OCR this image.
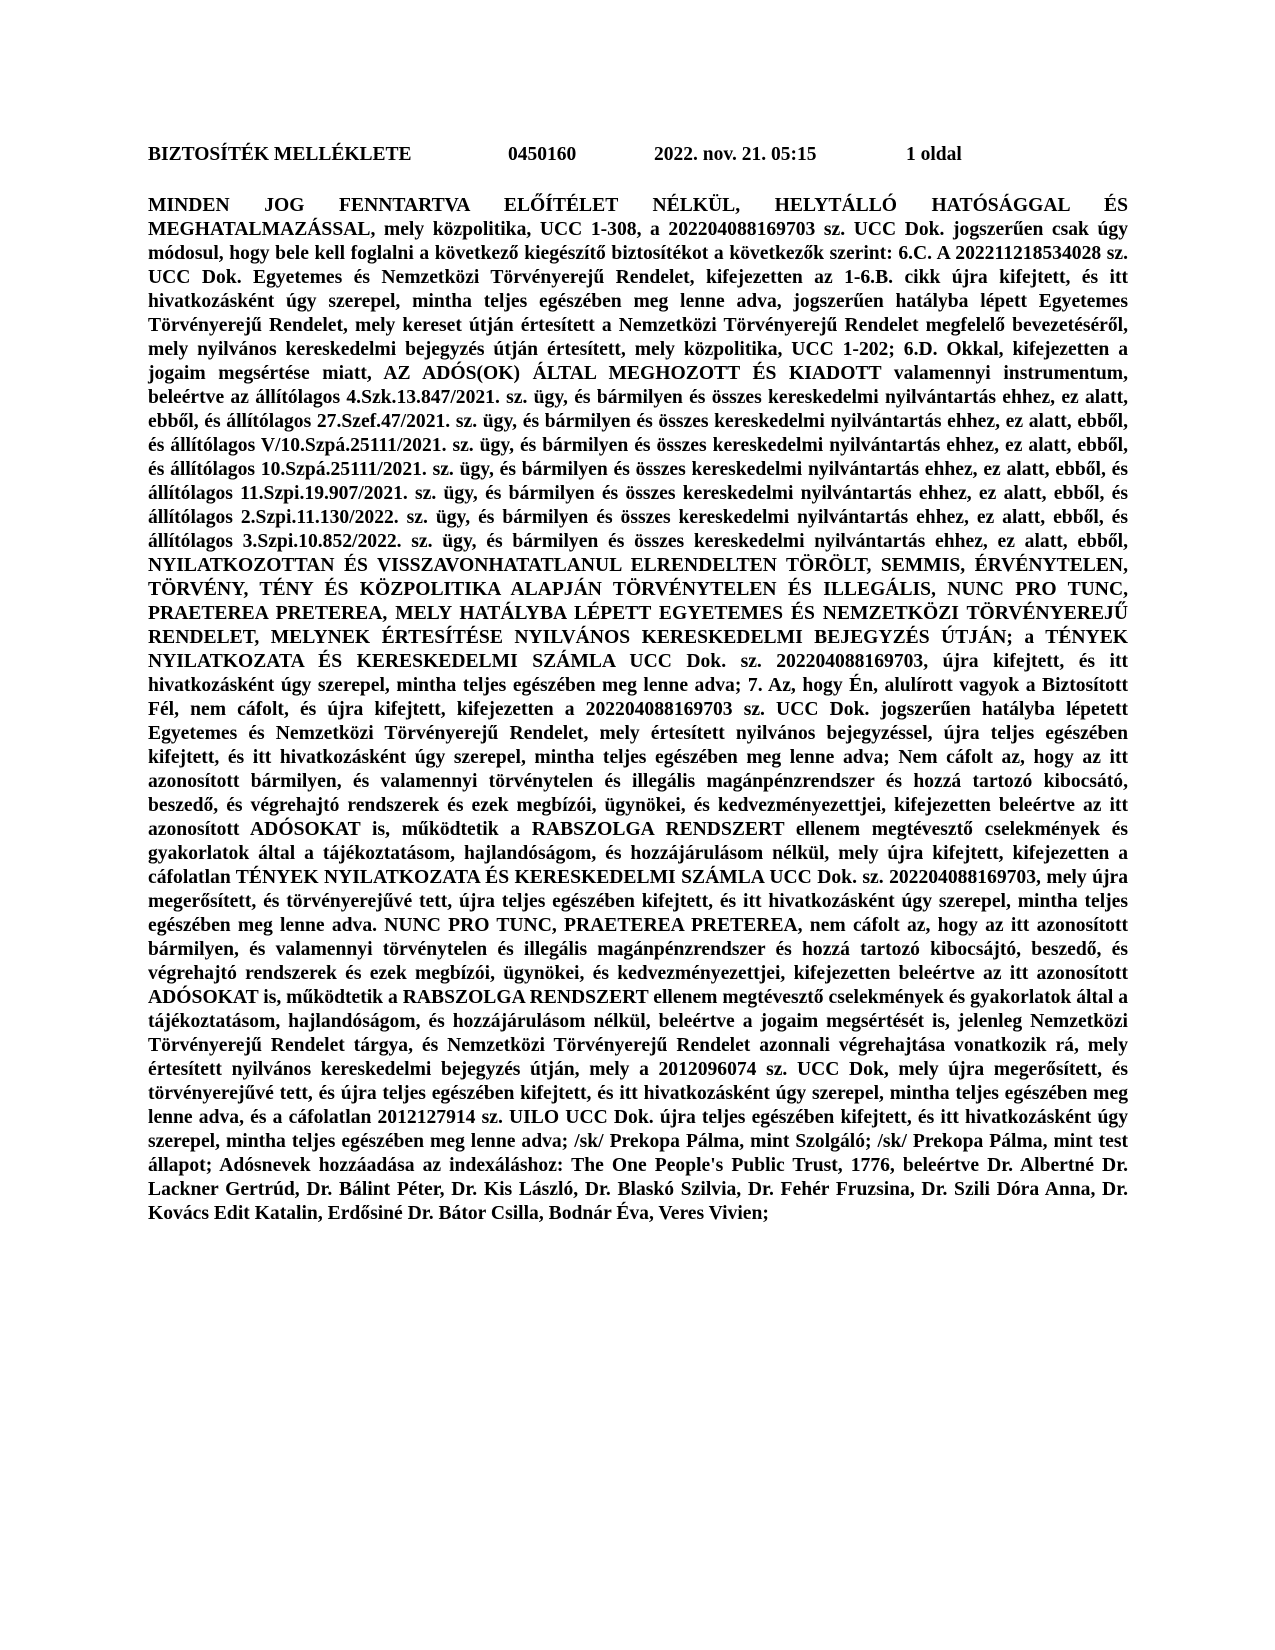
BIZTOSÍTÉK MELLÉKLETE	0450160	2022. nov. 21. 05:15	1 oldal

MINDEN JOG FENNTARTVA ELŐÍTÉLET NÉLKÜL, HELYTÁLLÓ HATÓSÁGGAL ÉS MEGHATALMAZÁSSAL, mely közpolitika, UCC 1-308, a 202204088169703 sz. UCC Dok. jogszerűen csak úgy módosul, hogy bele kell foglalni a következő kiegészítő biztosítékot a következők szerint: 6.C. A 202211218534028 sz. UCC Dok. Egyetemes és Nemzetközi Törvényerejű Rendelet, kifejezetten az 1-6.B. cikk újra kifejtett, és itt hivatkozásként úgy szerepel, mintha teljes egészében meg lenne adva, jogszerűen hatályba lépett Egyetemes Törvényerejű Rendelet, mely kereset útján értesített a Nemzetközi Törvényerejű Rendelet megfelelő bevezetéséről, mely nyilvános kereskedelmi bejegyzés útján értesített, mely közpolitika, UCC 1-202; 6.D. Okkal, kifejezetten a jogaim megsértése miatt, AZ ADÓS(OK) ÁLTAL MEGHOZOTT ÉS KIADOTT valamennyi instrumentum, beleértve az állítólagos 4.Szk.13.847/2021. sz. ügy, és bármilyen és összes kereskedelmi nyilvántartás ehhez, ez alatt, ebből, és állítólagos 27.Szef.47/2021. sz. ügy, és bármilyen és összes kereskedelmi nyilvántartás ehhez, ez alatt, ebből, és állítólagos V/10.Szpá.25111/2021. sz. ügy, és bármilyen és összes kereskedelmi nyilvántartás ehhez, ez alatt, ebből, és állítólagos 10.Szpá.25111/2021. sz. ügy, és bármilyen és összes kereskedelmi nyilvántartás ehhez, ez alatt, ebből, és állítólagos 11.Szpi.19.907/2021. sz. ügy, és bármilyen és összes kereskedelmi nyilvántartás ehhez, ez alatt, ebből, és állítólagos 2.Szpi.11.130/2022. sz. ügy, és bármilyen és összes kereskedelmi nyilvántartás ehhez, ez alatt, ebből, és állítólagos 3.Szpi.10.852/2022. sz. ügy, és bármilyen és összes kereskedelmi nyilvántartás ehhez, ez alatt, ebből, NYILATKOZOTTAN ÉS VISSZAVONHATATLANUL ELRENDELTEN TÖRÖLT, SEMMIS, ÉRVÉNYTELEN, TÖRVÉNY, TÉNY ÉS KÖZPOLITIKA ALAPJÁN TÖRVÉNYTELEN ÉS ILLEGÁLIS, NUNC PRO TUNC, PRAETEREA PRETEREA, MELY HATÁLYBA LÉPETT EGYETEMES ÉS NEMZETKÖZI TÖRVÉNYEREJŰ RENDELET, MELYNEK ÉRTESÍTÉSE NYILVÁNOS KERESKEDELMI BEJEGYZÉS ÚTJÁN; a TÉNYEK NYILATKOZATA ÉS KERESKEDELMI SZÁMLA UCC Dok. sz. 202204088169703, újra kifejtett, és itt hivatkozásként úgy szerepel, mintha teljes egészében meg lenne adva; 7. Az, hogy Én, alulírott vagyok a Biztosított Fél, nem cáfolt, és újra kifejtett, kifejezetten a 202204088169703 sz. UCC Dok. jogszerűen hatályba lépetett Egyetemes és Nemzetközi Törvényerejű Rendelet, mely értesített nyilvános bejegyzéssel, újra teljes egészében kifejtett, és itt hivatkozásként úgy szerepel, mintha teljes egészében meg lenne adva; Nem cáfolt az, hogy az itt azonosított bármilyen, és valamennyi törvénytelen és illegális magánpénzrendszer és hozzá tartozó kibocsátó, beszedő, és végrehajtó rendszerek és ezek megbízói, ügynökei, és kedvezményezettjei, kifejezetten beleértve az itt azonosított ADÓSOKAT is, működtetik a RABSZOLGA RENDSZERT ellenem megtévesztő cselekmények és gyakorlatok által a tájékoztatásom, hajlandóságom, és hozzájárulásom nélkül, mely újra kifejtett, kifejezetten a cáfolatlan TÉNYEK NYILATKOZATA ÉS KERESKEDELMI SZÁMLA UCC Dok. sz. 202204088169703, mely újra megerősített, és törvényerejűvé tett, újra teljes egészében kifejtett, és itt hivatkozásként úgy szerepel, mintha teljes egészében meg lenne adva. NUNC PRO TUNC, PRAETEREA PRETEREA, nem cáfolt az, hogy az itt azonosított bármilyen, és valamennyi törvénytelen és illegális magánpénzrendszer és hozzá tartozó kibocsájtó, beszedő, és végrehajtó rendszerek és ezek megbízói, ügynökei, és kedvezményezettjei, kifejezetten beleértve az itt azonosított ADÓSOKAT is, működtetik a RABSZOLGA RENDSZERT ellenem megtévesztő cselekmények és gyakorlatok által a tájékoztatásom, hajlandóságom, és hozzájárulásom nélkül, beleértve a jogaim megsértését is, jelenleg Nemzetközi Törvényerejű Rendelet tárgya, és Nemzetközi Törvényerejű Rendelet azonnali végrehajtása vonatkozik rá, mely értesített nyilvános kereskedelmi bejegyzés útján, mely a 2012096074 sz. UCC Dok, mely újra megerősített, és törvényerejűvé tett, és újra teljes egészében kifejtett, és itt hivatkozásként úgy szerepel, mintha teljes egészében meg lenne adva, és a cáfolatlan 2012127914 sz. UILO UCC Dok. újra teljes egészében kifejtett, és itt hivatkozásként úgy szerepel, mintha teljes egészében meg lenne adva; /sk/ Prekopa Pálma, mint Szolgáló; /sk/ Prekopa Pálma, mint test állapot; Adósnevek hozzáadása az indexáláshoz: The One People's Public Trust, 1776, beleértve Dr. Albertné Dr. Lackner Gertrúd, Dr. Bálint Péter, Dr. Kis László, Dr. Blaskó Szilvia, Dr. Fehér Fruzsina, Dr. Szili Dóra Anna, Dr. Kovács Edit Katalin, Erdősiné Dr. Bátor Csilla, Bodnár Éva, Veres Vivien;
